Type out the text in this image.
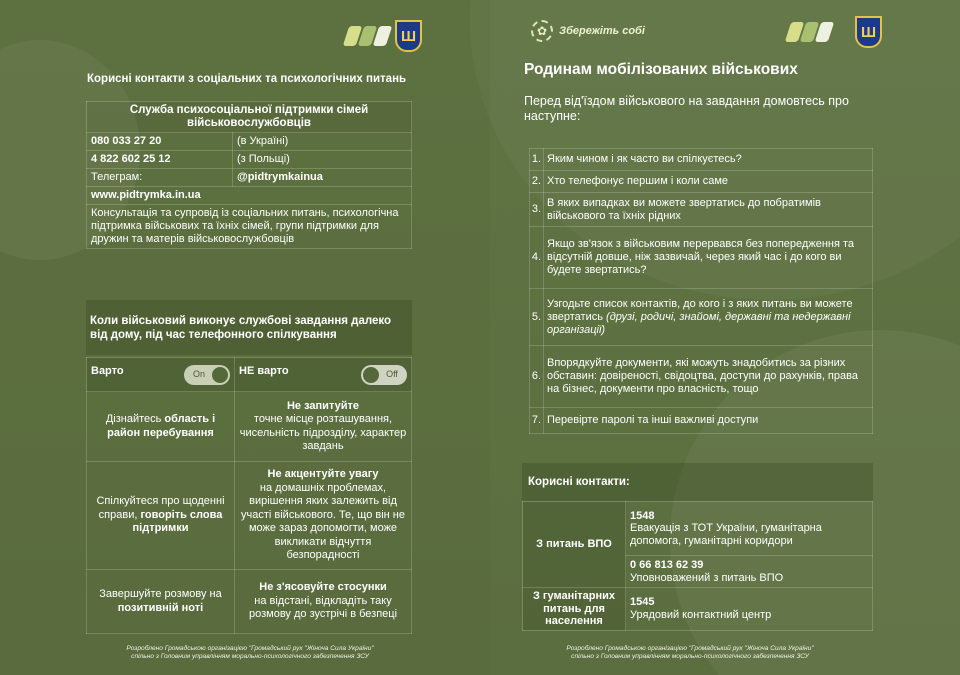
Ш
Корисні контакти з соціальних та психологічних питань
Служба психосоціальної підтримки сімей військовослужбовців	
080 033 27 20	(в Україні)
4 822 602 25 12	(з Польщі)
Телеграм:	@pidtrymkainua
www.pidtrymka.in.ua	
Консультація та супровід із соціальних питань, психологічна підтримка військових та їхніх сімей, групи підтримки для дружин та матерів військовослужбовців	
Коли військовий виконує службові завдання далеко від дому, під час телефонного спілкування
Варто On	НЕ варто Off

Дізнайтесь область і район перебування	Не запитуйте
точне місце розташування, чисельність підрозділу, характер завдань
Спілкуйтеся про щоденні справи, говоріть слова підтримки	Не акцентуйте увагу
на домашніх проблемах, вирішення яких залежить від участі військового. Те, що він не може зараз допомогти, може викликати відчуття безпорадності
Завершуйте розмову на позитивній ноті	Не з'ясовуйте стосунки
на відстані, відкладіть таку розмову до зустрічі в безпеці
Розроблено Громадською організацією "Громадський рух "Жіноча Сила України"
спільно з Головним управлінням морально-психологічного забезпечення ЗСУ
✿	Збережіть собі	Ш
Родинам мобілізованих військових
Перед від'їздом військового на завдання домовтесь про наступне:
1.	Яким чином і як часто ви спілкуєтесь?
2.	Хто телефонує першим і коли саме
3.	В яких випадках ви можете звертатись до побратимів військового та їхніх рідних
4.	Якщо зв'язок з військовим перервався без попередження та відсутній довше, ніж зазвичай, через який час і до кого ви будете звертатись?
5.	Узгодьте список контактів, до кого і з яких питань ви можете звертатись (друзі, родичі, знайомі, державні та недержавні організації)
6.	Впорядкуйте документи, які можуть знадобитись за різних обставин: довіреності, свідоцтва, доступи до рахунків, права на бізнес, документи про власність, тощо
7.	Перевірте паролі та інші важливі доступи
Корисні контакти:
З питань ВПО	1548
Евакуація з ТОТ України, гуманітарна допомога, гуманітарні коридори
	0 66 813 62 39
Уповноважений з питань ВПО
З гуманітарних питань для населення	1545
Урядовий контактний центр
Розроблено Громадською організацією "Громадський рух "Жіноча Сила України"
спільно з Головним управлінням морально-психологічного забезпечення ЗСУ
